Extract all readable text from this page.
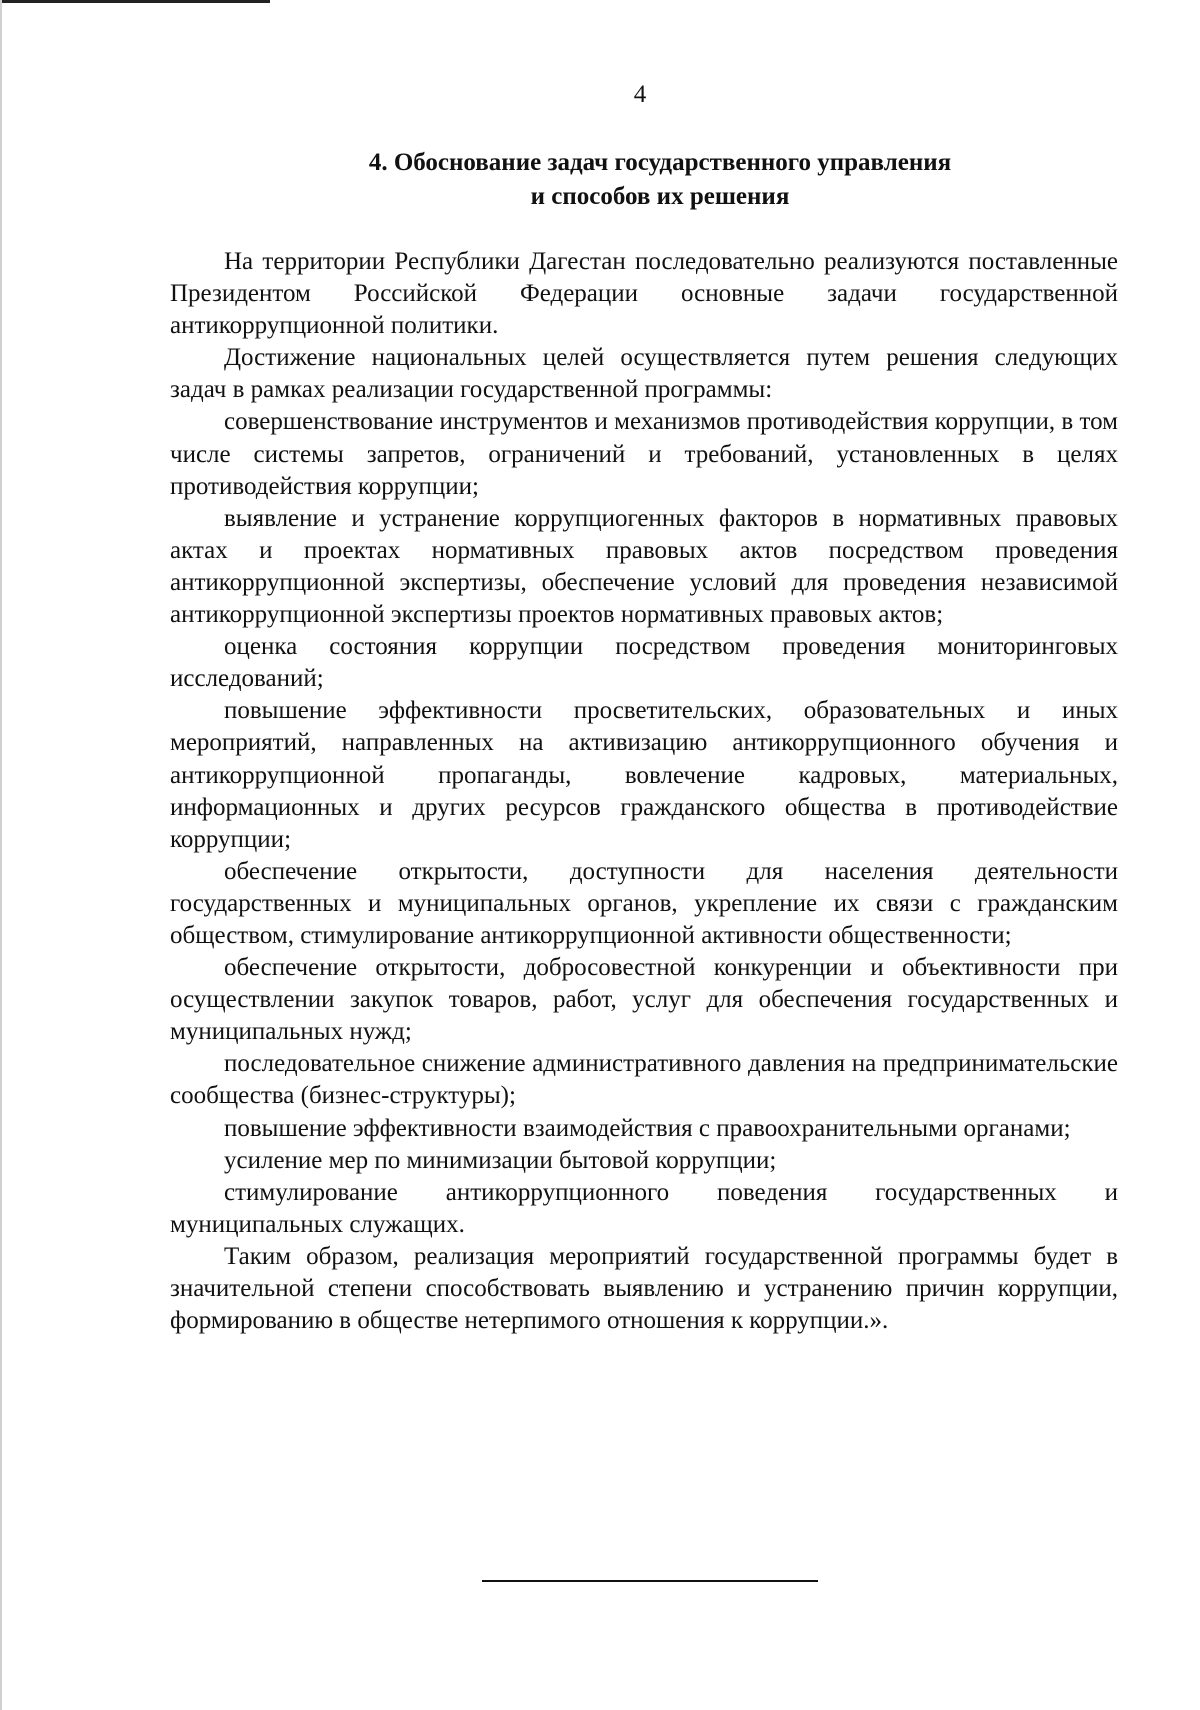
4
4. Обоснование задач государственного управления
и способов их решения

На территории Республики Дагестан последовательно реализуются поставленные Президентом Российской Федерации основные задачи государственной антикоррупционной политики.

Достижение национальных целей осуществляется путем решения следующих задач в рамках реализации государственной программы:

совершенствование инструментов и механизмов противодействия коррупции, в том числе системы запретов, ограничений и требований, установленных в целях противодействия коррупции;

выявление и устранение коррупциогенных факторов в нормативных правовых актах и проектах нормативных правовых актов посредством проведения антикоррупционной экспертизы, обеспечение условий для проведения независимой антикоррупционной экспертизы проектов нормативных правовых актов;

оценка состояния коррупции посредством проведения мониторинговых исследований;

повышение эффективности просветительских, образовательных и иных мероприятий, направленных на активизацию антикоррупционного обучения и антикоррупционной пропаганды, вовлечение кадровых, материальных, информационных и других ресурсов гражданского общества в противодействие коррупции;

обеспечение открытости, доступности для населения деятельности государственных и муниципальных органов, укрепление их связи с гражданским обществом, стимулирование антикоррупционной активности общественности;

обеспечение открытости, добросовестной конкуренции и объективности при осуществлении закупок товаров, работ, услуг для обеспечения государственных и муниципальных нужд;

последовательное снижение административного давления на предпринимательские сообщества (бизнес-структуры);

повышение эффективности взаимодействия с правоохранительными органами;

усиление мер по минимизации бытовой коррупции;

стимулирование антикоррупционного поведения государственных и муниципальных служащих.

Таким образом, реализация мероприятий государственной программы будет в значительной степени способствовать выявлению и устранению причин коррупции, формированию в обществе нетерпимого отношения к коррупции.».
